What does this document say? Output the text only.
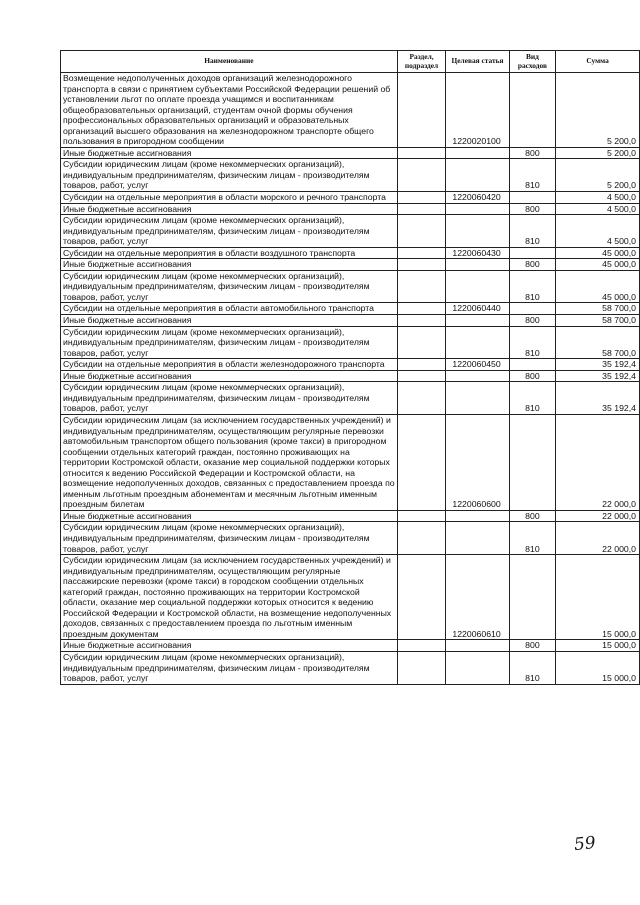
Наименование	Раздел, подраздел	Целевая статья	Вид расходов	Сумма
Возмещение недополученных доходов организаций железнодорожного транспорта в связи с принятием субъектами Российской Федерации решений об установлении льгот по оплате проезда учащимся и воспитанникам общеобразовательных организаций, студентам очной формы обучения профессиональных образовательных организаций и образовательных организаций высшего образования на железнодорожном транспорте общего пользования в пригородном сообщении		1220020100		5 200,0
Иные бюджетные ассигнования			800	5 200,0
Субсидии юридическим лицам (кроме некоммерческих организаций), индивидуальным предпринимателям, физическим лицам - производителям товаров, работ, услуг			810	5 200,0
Субсидии на отдельные мероприятия в области морского и речного транспорта		1220060420		4 500,0
Иные бюджетные ассигнования			800	4 500,0
Субсидии юридическим лицам (кроме некоммерческих организаций), индивидуальным предпринимателям, физическим лицам - производителям товаров, работ, услуг			810	4 500,0
Субсидии на отдельные мероприятия в области воздушного транспорта		1220060430		45 000,0
Иные бюджетные ассигнования			800	45 000,0
Субсидии юридическим лицам (кроме некоммерческих организаций), индивидуальным предпринимателям, физическим лицам - производителям товаров, работ, услуг			810	45 000,0
Субсидии на отдельные мероприятия в области автомобильного транспорта		1220060440		58 700,0
Иные бюджетные ассигнования			800	58 700,0
Субсидии юридическим лицам (кроме некоммерческих организаций), индивидуальным предпринимателям, физическим лицам - производителям товаров, работ, услуг			810	58 700,0
Субсидии на отдельные мероприятия в области железнодорожного транспорта		1220060450		35 192,4
Иные бюджетные ассигнования			800	35 192,4
Субсидии юридическим лицам (кроме некоммерческих организаций), индивидуальным предпринимателям, физическим лицам - производителям товаров, работ, услуг			810	35 192,4
Субсидии юридическим лицам (за исключением государственных учреждений) и индивидуальным предпринимателям, осуществляющим регулярные перевозки автомобильным транспортом общего пользования (кроме такси) в пригородном сообщении отдельных категорий граждан, постоянно проживающих на территории Костромской области, оказание мер социальной поддержки которых относится к ведению Российской Федерации и Костромской области, на возмещение недополученных доходов, связанных с предоставлением проезда по именным льготным проездным абонементам и месячным льготным именным проездным билетам		1220060600		22 000,0
Иные бюджетные ассигнования			800	22 000,0
Субсидии юридическим лицам (кроме некоммерческих организаций), индивидуальным предпринимателям, физическим лицам - производителям товаров, работ, услуг			810	22 000,0
Субсидии юридическим лицам (за исключением государственных учреждений) и индивидуальным предпринимателям, осуществляющим регулярные пассажирские перевозки (кроме такси) в городском сообщении отдельных категорий граждан, постоянно проживающих на территории Костромской области, оказание мер социальной поддержки которых относится к ведению Российской Федерации и Костромской области, на возмещение недополученных доходов, связанных с предоставлением проезда по льготным именным проездным документам		1220060610		15 000,0
Иные бюджетные ассигнования			800	15 000,0
Субсидии юридическим лицам (кроме некоммерческих организаций), индивидуальным предпринимателям, физическим лицам - производителям товаров, работ, услуг			810	15 000,0
59
